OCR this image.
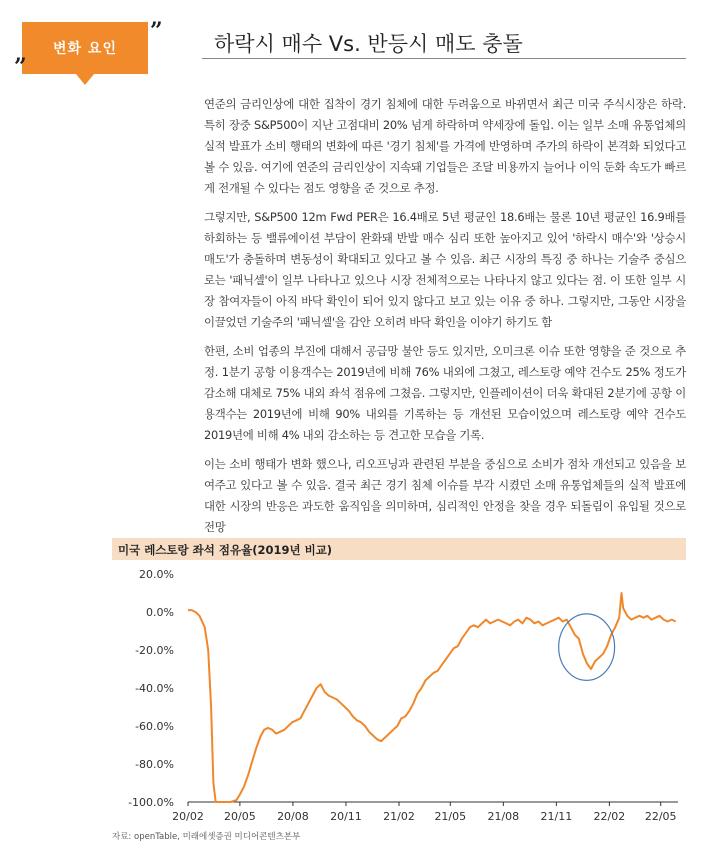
변화 요인
”
”
하락시 매수 Vs. 반등시 매도 충돌

연준의 금리인상에 대한 집착이 경기 침체에 대한 두려움으로 바뀌면서 최근 미국 주식시장은 하락. 특히 장중 S&P500이 지난 고점대비 20% 넘게 하락하며 약세장에 돌입. 이는 일부 소매 유통업체의 실적 발표가 소비 행태의 변화에 따른 '경기 침체'를 가격에 반영하며 주가의 하락이 본격화 되었다고 볼 수 있음. 여기에 연준의 금리인상이 지속돼 기업들은 조달 비용까지 늘어나 이익 둔화 속도가 빠르게 전개될 수 있다는 점도 영향을 준 것으로 추정.

그렇지만, S&P500 12m Fwd PER은 16.4배로 5년 평균인 18.6배는 물론 10년 평균인 16.9배를 하회하는 등 밸류에이션 부담이 완화돼 반발 매수 심리 또한 높아지고 있어 '하락시 매수'와 '상승시 매도'가 충돌하며 변동성이 확대되고 있다고 볼 수 있음. 최근 시장의 특징 중 하나는 기술주 중심으로는 '패닉셀'이 일부 나타나고 있으나 시장 전체적으로는 나타나지 않고 있다는 점. 이 또한 일부 시장 참여자들이 아직 바닥 확인이 되어 있지 않다고 보고 있는 이유 중 하나. 그렇지만, 그동안 시장을 이끌었던 기술주의 '패닉셀'을 감안 오히려 바닥 확인을 이야기 하기도 함

한편, 소비 업종의 부진에 대해서 공급망 불안 등도 있지만, 오미크론 이슈 또한 영향을 준 것으로 추정. 1분기 공항 이용객수는 2019년에 비해 76% 내외에 그쳤고, 레스토랑 예약 건수도 25% 정도가 감소해 대체로 75% 내외 좌석 점유에 그쳤음. 그렇지만, 인플레이션이 더욱 확대된 2분기에 공항 이용객수는 2019년에 비해 90% 내외를 기록하는 등 개선된 모습이었으며 레스토랑 예약 건수도 2019년에 비해 4% 내외 감소하는 등 견고한 모습을 기록.

이는 소비 행태가 변화 했으나, 리오프닝과 관련된 부분을 중심으로 소비가 점차 개선되고 있음을 보여주고 있다고 볼 수 있음. 결국 최근 경기 침체 이슈를 부각 시켰던 소매 유통업체들의 실적 발표에 대한 시장의 반응은 과도한 움직임을 의미하며, 심리적인 안정을 찾을 경우 되돌림이 유입될 것으로 전망

미국 레스토랑 좌석 점유율(2019년 비교)
20.0%
0.0%
-20.0%
-40.0%
-60.0%
-80.0%
-100.0%
20/02 20/05 20/08 20/11 21/02 21/05 21/08 21/11 22/02 22/05
자료: openTable, 미래에셋증권 미디어콘텐츠본부
